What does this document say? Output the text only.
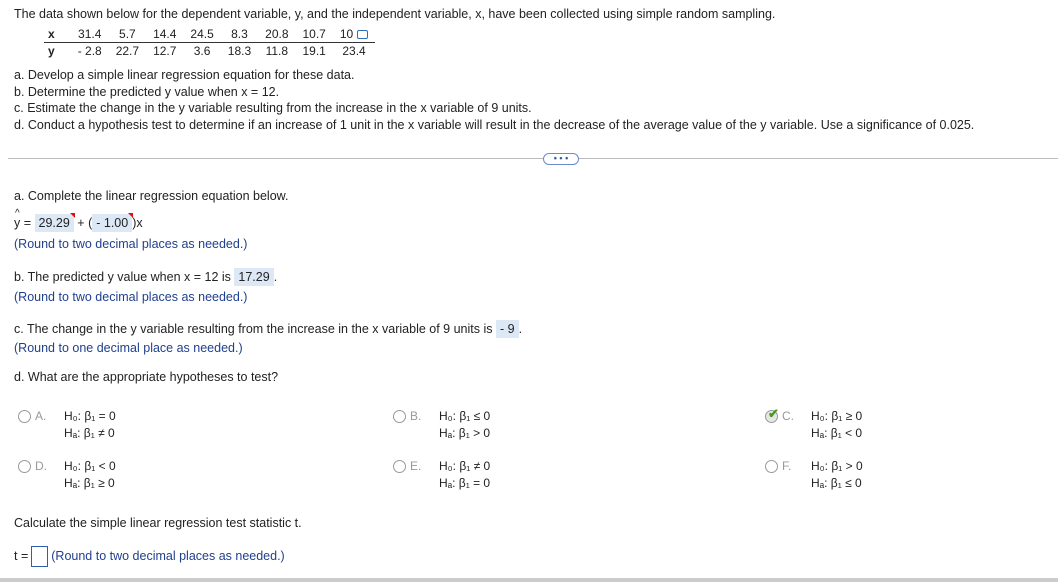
The data shown below for the dependent variable, y, and the independent variable, x, have been collected using simple random sampling.
x	31.4	5.7	14.4	24.5	8.3	20.8	10.7	10
y	- 2.8	22.7	12.7	3.6	18.3	11.8	19.1	23.4
a. Develop a simple linear regression equation for these data.
b. Determine the predicted y value when x = 12.
c. Estimate the change in the y variable resulting from the increase in the x variable of 9 units.
d. Conduct a hypothesis test to determine if an increase of 1 unit in the x variable will result in the decrease of the average value of the y variable. Use a significance of 0.025.
• • •
a. Complete the linear regression equation below.
^
y = 29.29 + ( - 1.00 )x
(Round to two decimal places as needed.)
b. The predicted y value when x = 12 is 17.29 .
(Round to two decimal places as needed.)
c. The change in the y variable resulting from the increase in the x variable of 9 units is - 9 .
(Round to one decimal place as needed.)
d. What are the appropriate hypotheses to test?
A. H₀: β₁ = 0
Hₐ: β₁ ≠ 0
B. H₀: β₁ ≤ 0
Hₐ: β₁ > 0
✔ C. H₀: β₁ ≥ 0
Hₐ: β₁ < 0
D. H₀: β₁ < 0
Hₐ: β₁ ≥ 0
E. H₀: β₁ ≠ 0
Hₐ: β₁ = 0
F. H₀: β₁ > 0
Hₐ: β₁ ≤ 0
Calculate the simple linear regression test statistic t.
t = (Round to two decimal places as needed.)
